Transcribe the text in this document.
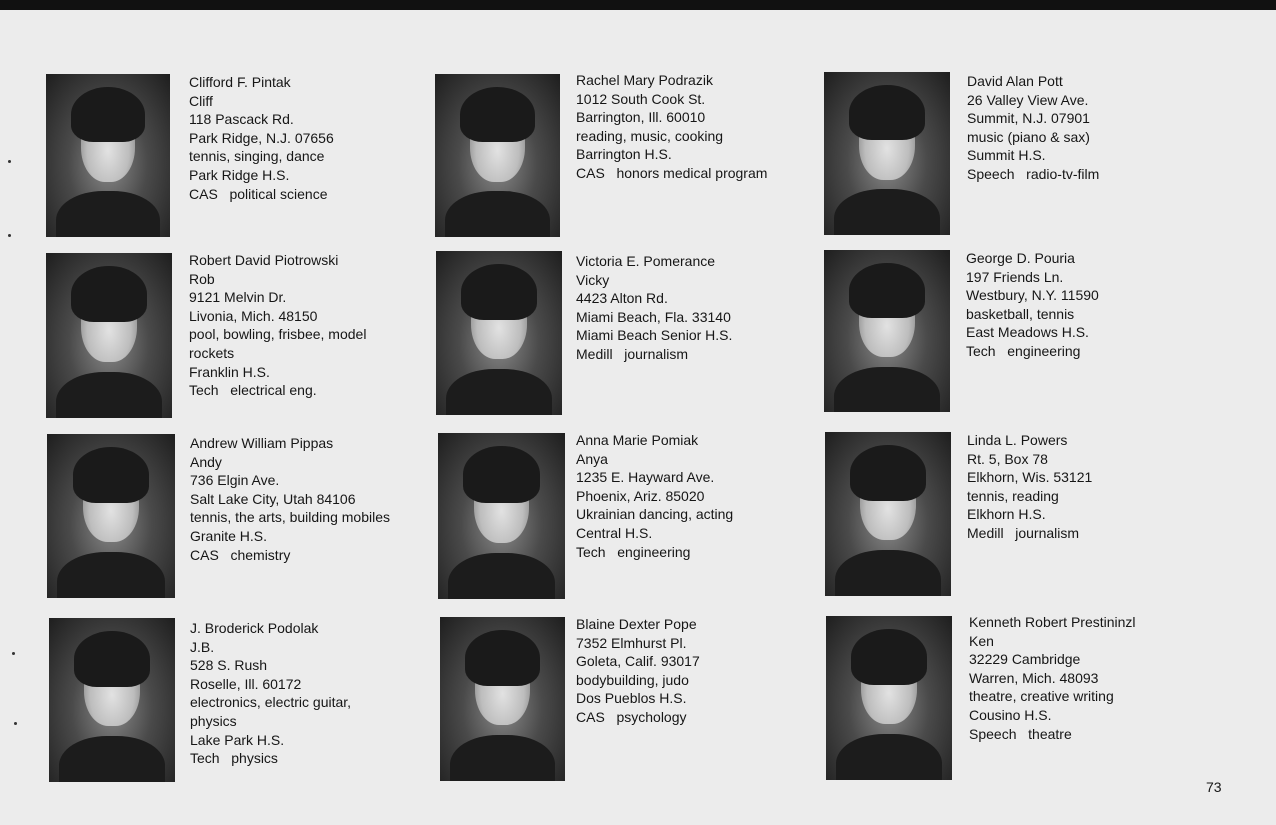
Clifford F. Pintak
Cliff
118 Pascack Rd.
Park Ridge, N.J. 07656
tennis, singing, dance
Park Ridge H.S.
CAS   political science
Rachel Mary Podrazik
1012 South Cook St.
Barrington, Ill. 60010
reading, music, cooking
Barrington H.S.
CAS   honors medical program
David Alan Pott
26 Valley View Ave.
Summit, N.J. 07901
music (piano & sax)
Summit H.S.
Speech   radio-tv-film
Robert David Piotrowski
Rob
9121 Melvin Dr.
Livonia, Mich. 48150
pool, bowling, frisbee, model
rockets
Franklin H.S.
Tech   electrical eng.
Victoria E. Pomerance
Vicky
4423 Alton Rd.
Miami Beach, Fla. 33140
Miami Beach Senior H.S.
Medill   journalism
George D. Pouria
197 Friends Ln.
Westbury, N.Y. 11590
basketball, tennis
East Meadows H.S.
Tech   engineering
Andrew William Pippas
Andy
736 Elgin Ave.
Salt Lake City, Utah 84106
tennis, the arts, building mobiles
Granite H.S.
CAS   chemistry
Anna Marie Pomiak
Anya
1235 E. Hayward Ave.
Phoenix, Ariz. 85020
Ukrainian dancing, acting
Central H.S.
Tech   engineering
Linda L. Powers
Rt. 5, Box 78
Elkhorn, Wis. 53121
tennis, reading
Elkhorn H.S.
Medill   journalism
J. Broderick Podolak
J.B.
528 S. Rush
Roselle, Ill. 60172
electronics, electric guitar,
physics
Lake Park H.S.
Tech   physics
Blaine Dexter Pope
7352 Elmhurst Pl.
Goleta, Calif. 93017
bodybuilding, judo
Dos Pueblos H.S.
CAS   psychology
Kenneth Robert Prestininzl
Ken
32229 Cambridge
Warren, Mich. 48093
theatre, creative writing
Cousino H.S.
Speech   theatre
73
